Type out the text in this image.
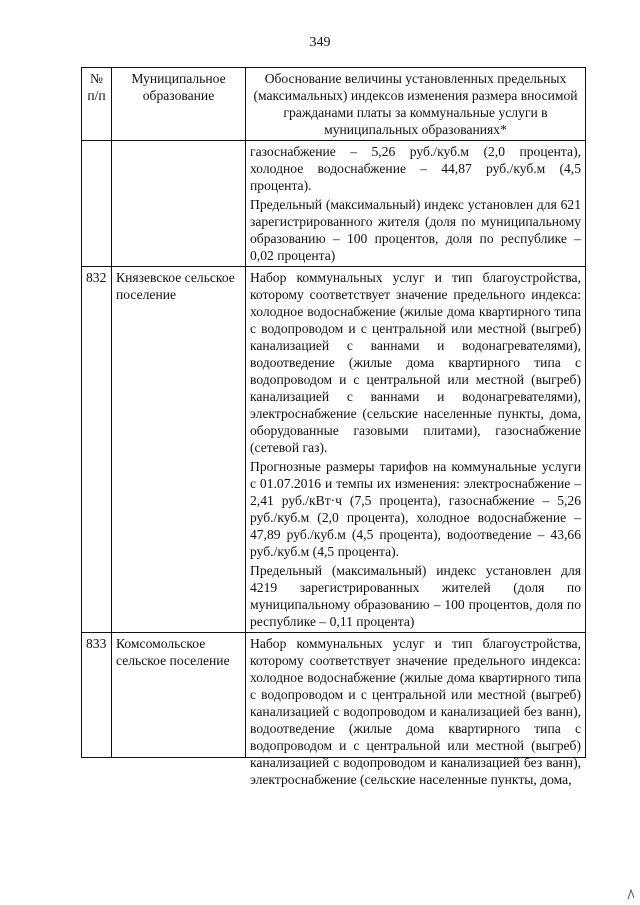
349
№ п/п	Муниципальное образование	Обоснование величины установленных предельных (максимальных) индексов изменения размера вносимой гражданами платы за коммунальные услуги в муниципальных образованиях*

		газоснабжение – 5,26 руб./куб.м (2,0 процента), холодное водоснабжение – 44,87 руб./куб.м (4,5 процента).

Предельный (максимальный) индекс установлен для 621 зарегистрированного жителя (доля по муниципальному образованию – 100 процентов, доля по республике – 0,02 процента)

832	Князевское сельское поселение	Набор коммунальных услуг и тип благоустройства, которому соответствует значение предельного индекса: холодное водоснабжение (жилые дома квартирного типа с водопроводом и с центральной или местной (выгреб) канализацией с ваннами и водонагревателями), водоотведение (жилые дома квартирного типа с водопроводом и с центральной или местной (выгреб) канализацией с ваннами и водонагревателями), электроснабжение (сельские населенные пункты, дома, оборудованные газовыми плитами), газоснабжение (сетевой газ).

Прогнозные размеры тарифов на коммунальные услуги с 01.07.2016 и темпы их изменения: электроснабжение – 2,41 руб./кВт·ч (7,5 процента), газоснабжение – 5,26 руб./куб.м (2,0 процента), холодное водоснабжение – 47,89 руб./куб.м (4,5 процента), водоотведение – 43,66 руб./куб.м (4,5 процента).

Предельный (максимальный) индекс установлен для 4219 зарегистрированных жителей (доля по муниципальному образованию – 100 процентов, доля по республике – 0,11 процента)

833	Комсомольское сельское поселение	Набор коммунальных услуг и тип благоустройства, которому соответствует значение предельного индекса: холодное водоснабжение (жилые дома квартирного типа с водопроводом и с центральной или местной (выгреб) канализацией с водопроводом и канализацией без ванн), водоотведение (жилые дома квартирного типа с водопроводом и с центральной или местной (выгреб) канализацией с водопроводом и канализацией без ванн), электроснабжение (сельские населенные пункты, дома,
